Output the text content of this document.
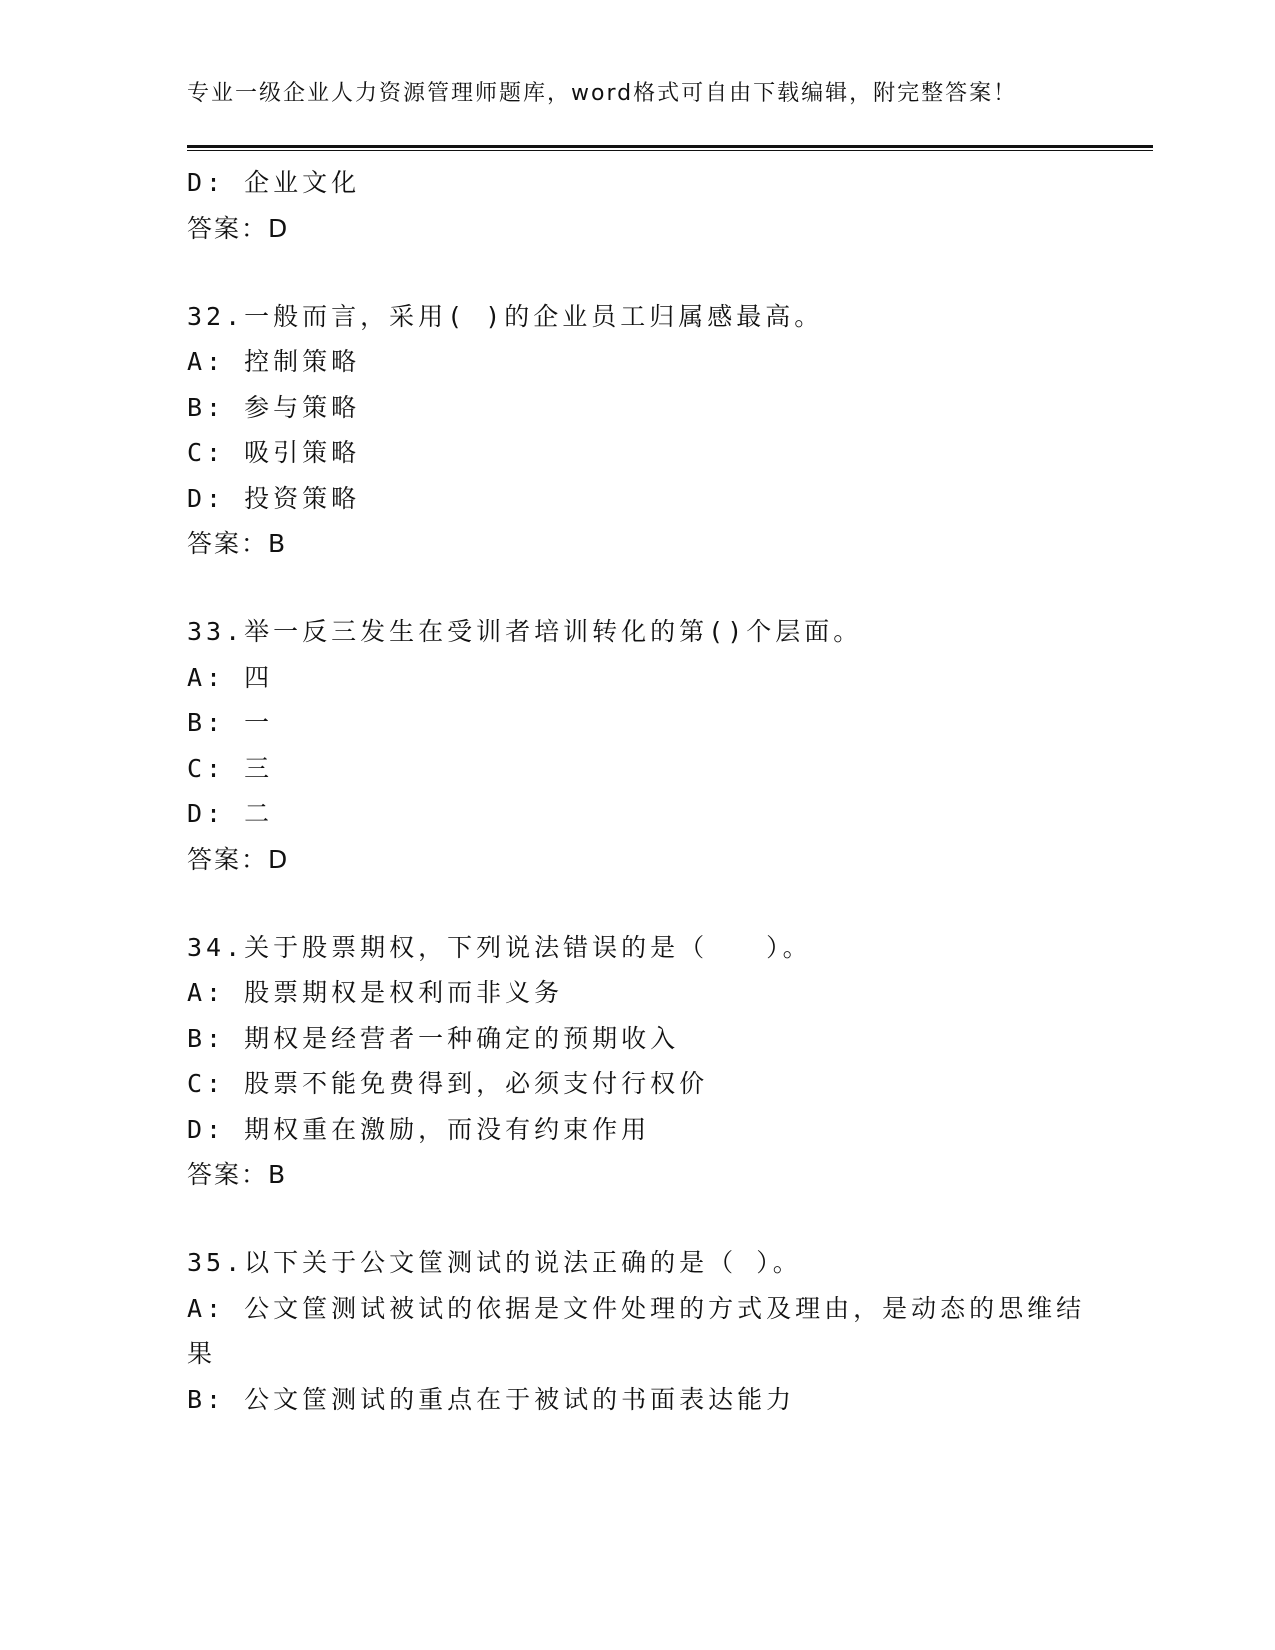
专业一级企业人力资源管理师题库，word格式可自由下载编辑，附完整答案！
D: 企业文化
答案：D
32.一般而言，采用( )的企业员工归属感最高。
A: 控制策略
B: 参与策略
C: 吸引策略
D: 投资策略
答案：B
33.举一反三发生在受训者培训转化的第()个层面。
A: 四
B: 一
C: 三
D: 二
答案：D
34.关于股票期权，下列说法错误的是（　　）。
A: 股票期权是权利而非义务
B: 期权是经营者一种确定的预期收入
C: 股票不能免费得到，必须支付行权价
D: 期权重在激励，而没有约束作用
答案：B
35.以下关于公文筐测试的说法正确的是（ ）。
A: 公文筐测试被试的依据是文件处理的方式及理由，是动态的思维结果
B: 公文筐测试的重点在于被试的书面表达能力
